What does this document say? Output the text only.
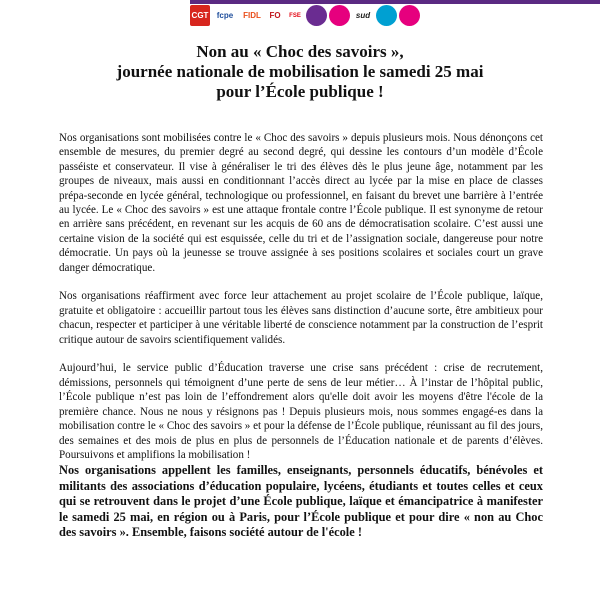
CGT	fcpe	FIDL	FO	FSE	sud
Non au « Choc des savoirs »,
journée nationale de mobilisation le samedi 25 mai
pour l’École publique !

Nos organisations sont mobilisées contre le « Choc des savoirs » depuis plusieurs mois. Nous dénonçons cet ensemble de mesures, du premier degré au second degré, qui dessine les contours d’un modèle d’École passéiste et conservateur. Il vise à généraliser le tri des élèves dès le plus jeune âge, notamment par les groupes de niveaux, mais aussi en conditionnant l’accès direct au lycée par la mise en place de classes prépa-seconde en lycée général, technologique ou professionnel, en faisant du brevet une barrière à l’entrée au lycée. Le « Choc des savoirs » est une attaque frontale contre l’École publique. Il est synonyme de retour en arrière sans précédent, en revenant sur les acquis de 60 ans de démocratisation scolaire. C’est aussi une certaine vision de la société qui est esquissée, celle du tri et de l’assignation sociale, dangereuse pour notre démocratie. Un pays où la jeunesse se trouve assignée à ses positions scolaires et sociales court un grave danger démocratique.

Nos organisations réaffirment avec force leur attachement au projet scolaire de l’École publique, laïque, gratuite et obligatoire : accueillir partout tous les élèves sans distinction d’aucune sorte, être ambitieux pour chacun, respecter et participer à une véritable liberté de conscience notamment par la construction de l’esprit critique autour de savoirs scientifiquement validés.

Aujourd’hui, le service public d’Éducation traverse une crise sans précédent : crise de recrutement, démissions, personnels qui témoignent d’une perte de sens de leur métier… À l’instar de l’hôpital public, l’École publique n’est pas loin de l’effondrement alors qu'elle doit avoir les moyens d'être l'école de la première chance. Nous ne nous y résignons pas ! Depuis plusieurs mois, nous sommes engagé-es dans la mobilisation contre le « Choc des savoirs » et pour la défense de l’École publique, réunissant au fil des jours, des semaines et des mois de plus en plus de personnels de l’Éducation nationale et de parents d’élèves. Poursuivons et amplifions la mobilisation !

Nos organisations appellent les familles, enseignants, personnels éducatifs, bénévoles et militants des associations d’éducation populaire, lycéens, étudiants et toutes celles et ceux qui se retrouvent dans le projet d’une École publique, laïque et émancipatrice à manifester le samedi 25 mai, en région ou à Paris, pour l’École publique et pour dire « non au Choc des savoirs ». Ensemble, faisons société autour de l'école !
